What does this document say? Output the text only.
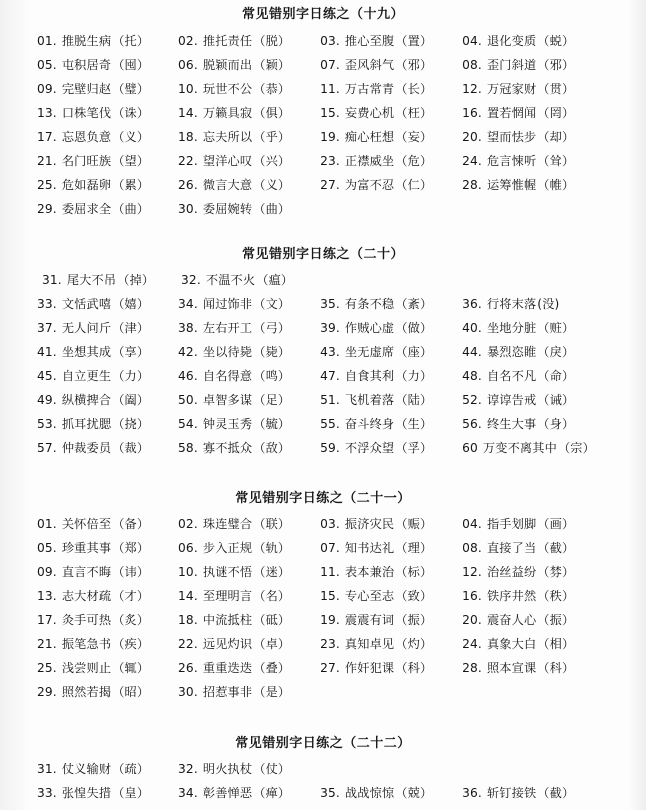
常见错别字日练之（十九）
01. 推脱生病（托） 02. 推托责任（脱） 03. 推心至腹（置） 04. 退化变质（蜕）
05. 屯积居奇（囤） 06. 脱颖而出（颖） 07. 歪风斜气（邪） 08. 歪门斜道（邪）
09. 完壁归赵（璧） 10. 玩世不公（恭） 11. 万古常青（长） 12. 万冠家财（贯）
13. 口株笔伐（诛） 14. 万籁具寂（俱） 15. 妄费心机（枉） 16. 置若惘闻（罔）
17. 忘恩负意（义） 18. 忘夫所以（乎） 19. 痴心枉想（妄） 20. 望而怯步（却）
21. 名门旺族（望） 22. 望洋心叹（兴） 23. 正襟威坐（危） 24. 危言悚听（耸）
25. 危如磊卵（累） 26. 微言大意（义） 27. 为富不忍（仁） 28. 运筹惟幄（帷）
29. 委屈求全（曲） 30. 委屈婉转（曲）
常见错别字日练之（二十）
31. 尾大不吊（掉） 32. 不温不火（瘟）
33. 文恬武嘻（嬉） 34. 闻过饰非（文） 35. 有条不稳（紊） 36. 行将末落(没)
37. 无人问斤（津） 38. 左右开工（弓） 39. 作贼心虚（做） 40. 坐地分脏（赃）
41. 坐想其成（享） 42. 坐以待毙（毙） 43. 坐无虚席（座） 44. 暴烈恣睢（戾）
45. 自立更生（力） 46. 自名得意（鸣） 47. 自食其利（力） 48. 自名不凡（命）
49. 纵横捭合（阖） 50. 卓智多谋（足） 51. 飞机着落（陆） 52. 谆谆告戒（诫）
53. 抓耳扰腮（挠） 54. 钟灵玉秀（毓） 55. 奋斗终身（生） 56. 终生大事（身）
57. 仲裁委员（裁） 58. 寡不抵众（敌） 59. 不浮众望（孚） 60 万变不离其中（宗）
常见错别字日练之（二十一）
01. 关怀倍至（备） 02. 珠连璧合（联） 03. 振济灾民（赈） 04. 指手划脚（画）
05. 珍重其事（郑） 06. 步入正规（轨） 07. 知书达礼（理） 08. 直接了当（截）
09. 直言不晦（讳） 10. 执谜不悟（迷） 11. 表本兼治（标） 12. 治丝益纷（棼）
13. 志大材疏（才） 14. 至理明言（名） 15. 专心至志（致） 16. 铁序井然（秩）
17. 灸手可热（炙） 18. 中流抵柱（砥） 19. 震震有词（振） 20. 震奋人心（振）
21. 振笔急书（疾） 22. 远见灼识（卓） 23. 真知卓见（灼） 24. 真象大白（相）
25. 浅尝则止（辄） 26. 重重迭迭（叠） 27. 作奸犯课（科） 28. 照本宣课（科）
29. 照然若揭（昭） 30. 招惹事非（是）
常见错别字日练之（二十二）
31. 仗义输财（疏） 32. 明火执杖（仗）
33. 张惶失措（皇） 34. 彰善惮恶（瘅） 35. 战战惊惊（兢） 36. 斩钉接铁（截）
